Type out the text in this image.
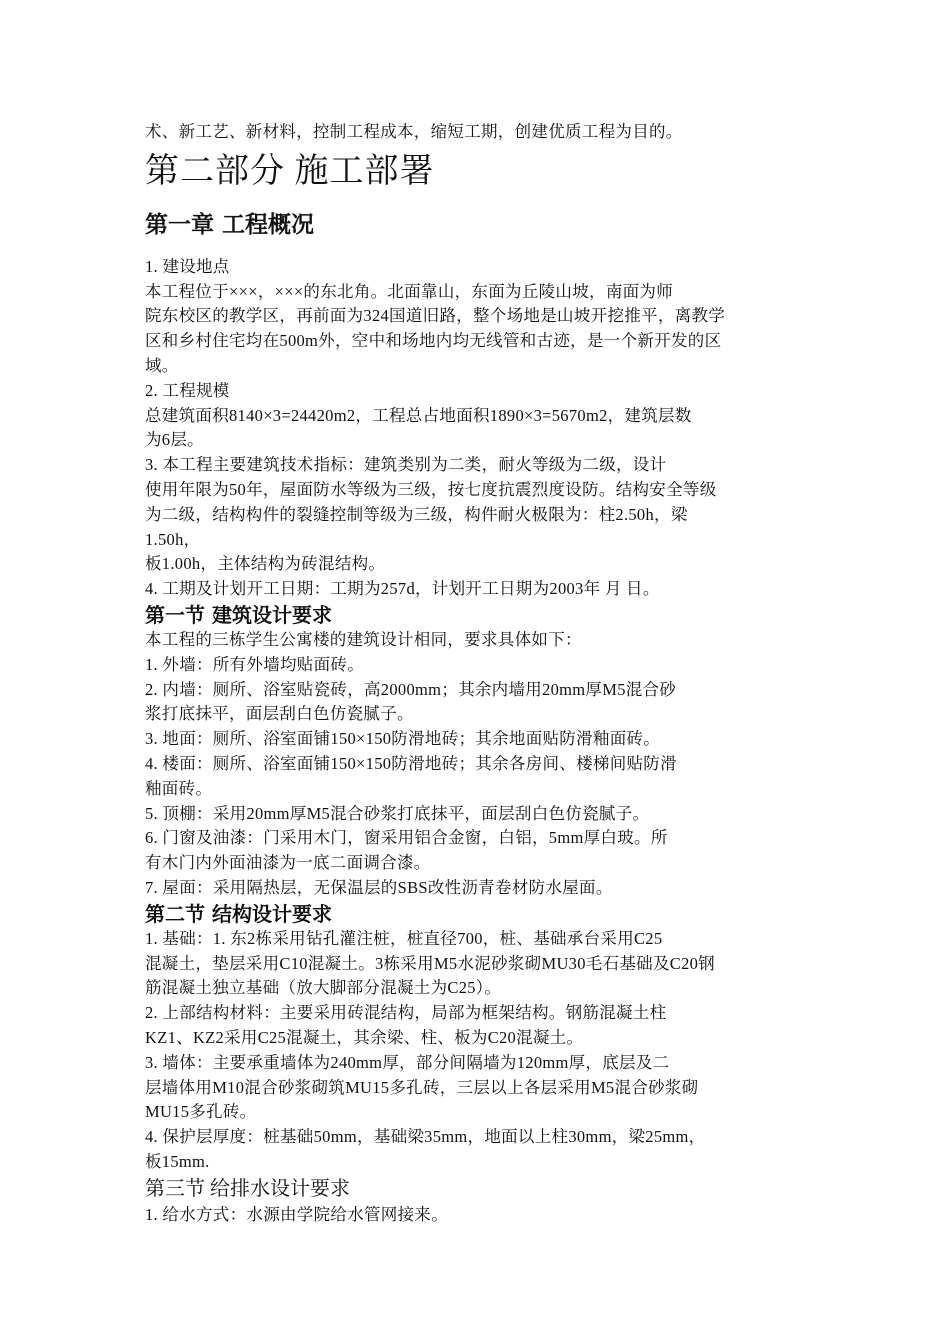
术、新工艺、新材料，控制工程成本，缩短工期，创建优质工程为目的。
第二部分 施工部署
第一章 工程概况
1. 建设地点
本工程位于×××，×××的东北角。北面靠山，东面为丘陵山坡，南面为师
院东校区的教学区，再前面为324国道旧路，整个场地是山坡开挖推平，离教学
区和乡村住宅均在500m外，空中和场地内均无线管和古迹，是一个新开发的区
域。
2. 工程规模
总建筑面积8140×3=24420m2，工程总占地面积1890×3=5670m2，建筑层数
为6层。
3. 本工程主要建筑技术指标：建筑类别为二类，耐火等级为二级，设计
使用年限为50年，屋面防水等级为三级，按七度抗震烈度设防。结构安全等级
为二级，结构构件的裂缝控制等级为三级，构件耐火极限为：柱2.50h，梁
1.50h，
板1.00h，主体结构为砖混结构。
4. 工期及计划开工日期：工期为257d，计划开工日期为2003年 月 日。
第一节 建筑设计要求
本工程的三栋学生公寓楼的建筑设计相同，要求具体如下：
1. 外墙：所有外墙均贴面砖。
2. 内墙：厕所、浴室贴瓷砖，高2000mm；其余内墙用20mm厚M5混合砂
浆打底抹平，面层刮白色仿瓷腻子。
3. 地面：厕所、浴室面铺150×150防滑地砖；其余地面贴防滑釉面砖。
4. 楼面：厕所、浴室面铺150×150防滑地砖；其余各房间、楼梯间贴防滑
釉面砖。
5. 顶棚：采用20mm厚M5混合砂浆打底抹平，面层刮白色仿瓷腻子。
6. 门窗及油漆：门采用木门，窗采用铝合金窗，白铝，5mm厚白玻。所
有木门内外面油漆为一底二面调合漆。
7. 屋面：采用隔热层，无保温层的SBS改性沥青卷材防水屋面。
第二节 结构设计要求
1. 基础：1. 东2栋采用钻孔灌注桩，桩直径700，桩、基础承台采用C25
混凝土，垫层采用C10混凝土。3栋采用M5水泥砂浆砌MU30毛石基础及C20钢
筋混凝土独立基础（放大脚部分混凝土为C25）。
2. 上部结构材料：主要采用砖混结构，局部为框架结构。钢筋混凝土柱
KZ1、KZ2采用C25混凝土，其余梁、柱、板为C20混凝土。
3. 墙体：主要承重墙体为240mm厚，部分间隔墙为120mm厚，底层及二
层墙体用M10混合砂浆砌筑MU15多孔砖，三层以上各层采用M5混合砂浆砌
MU15多孔砖。
4. 保护层厚度：桩基础50mm，基础梁35mm，地面以上柱30mm，梁25mm，
板15mm.
第三节 给排水设计要求
1. 给水方式：水源由学院给水管网接来。
